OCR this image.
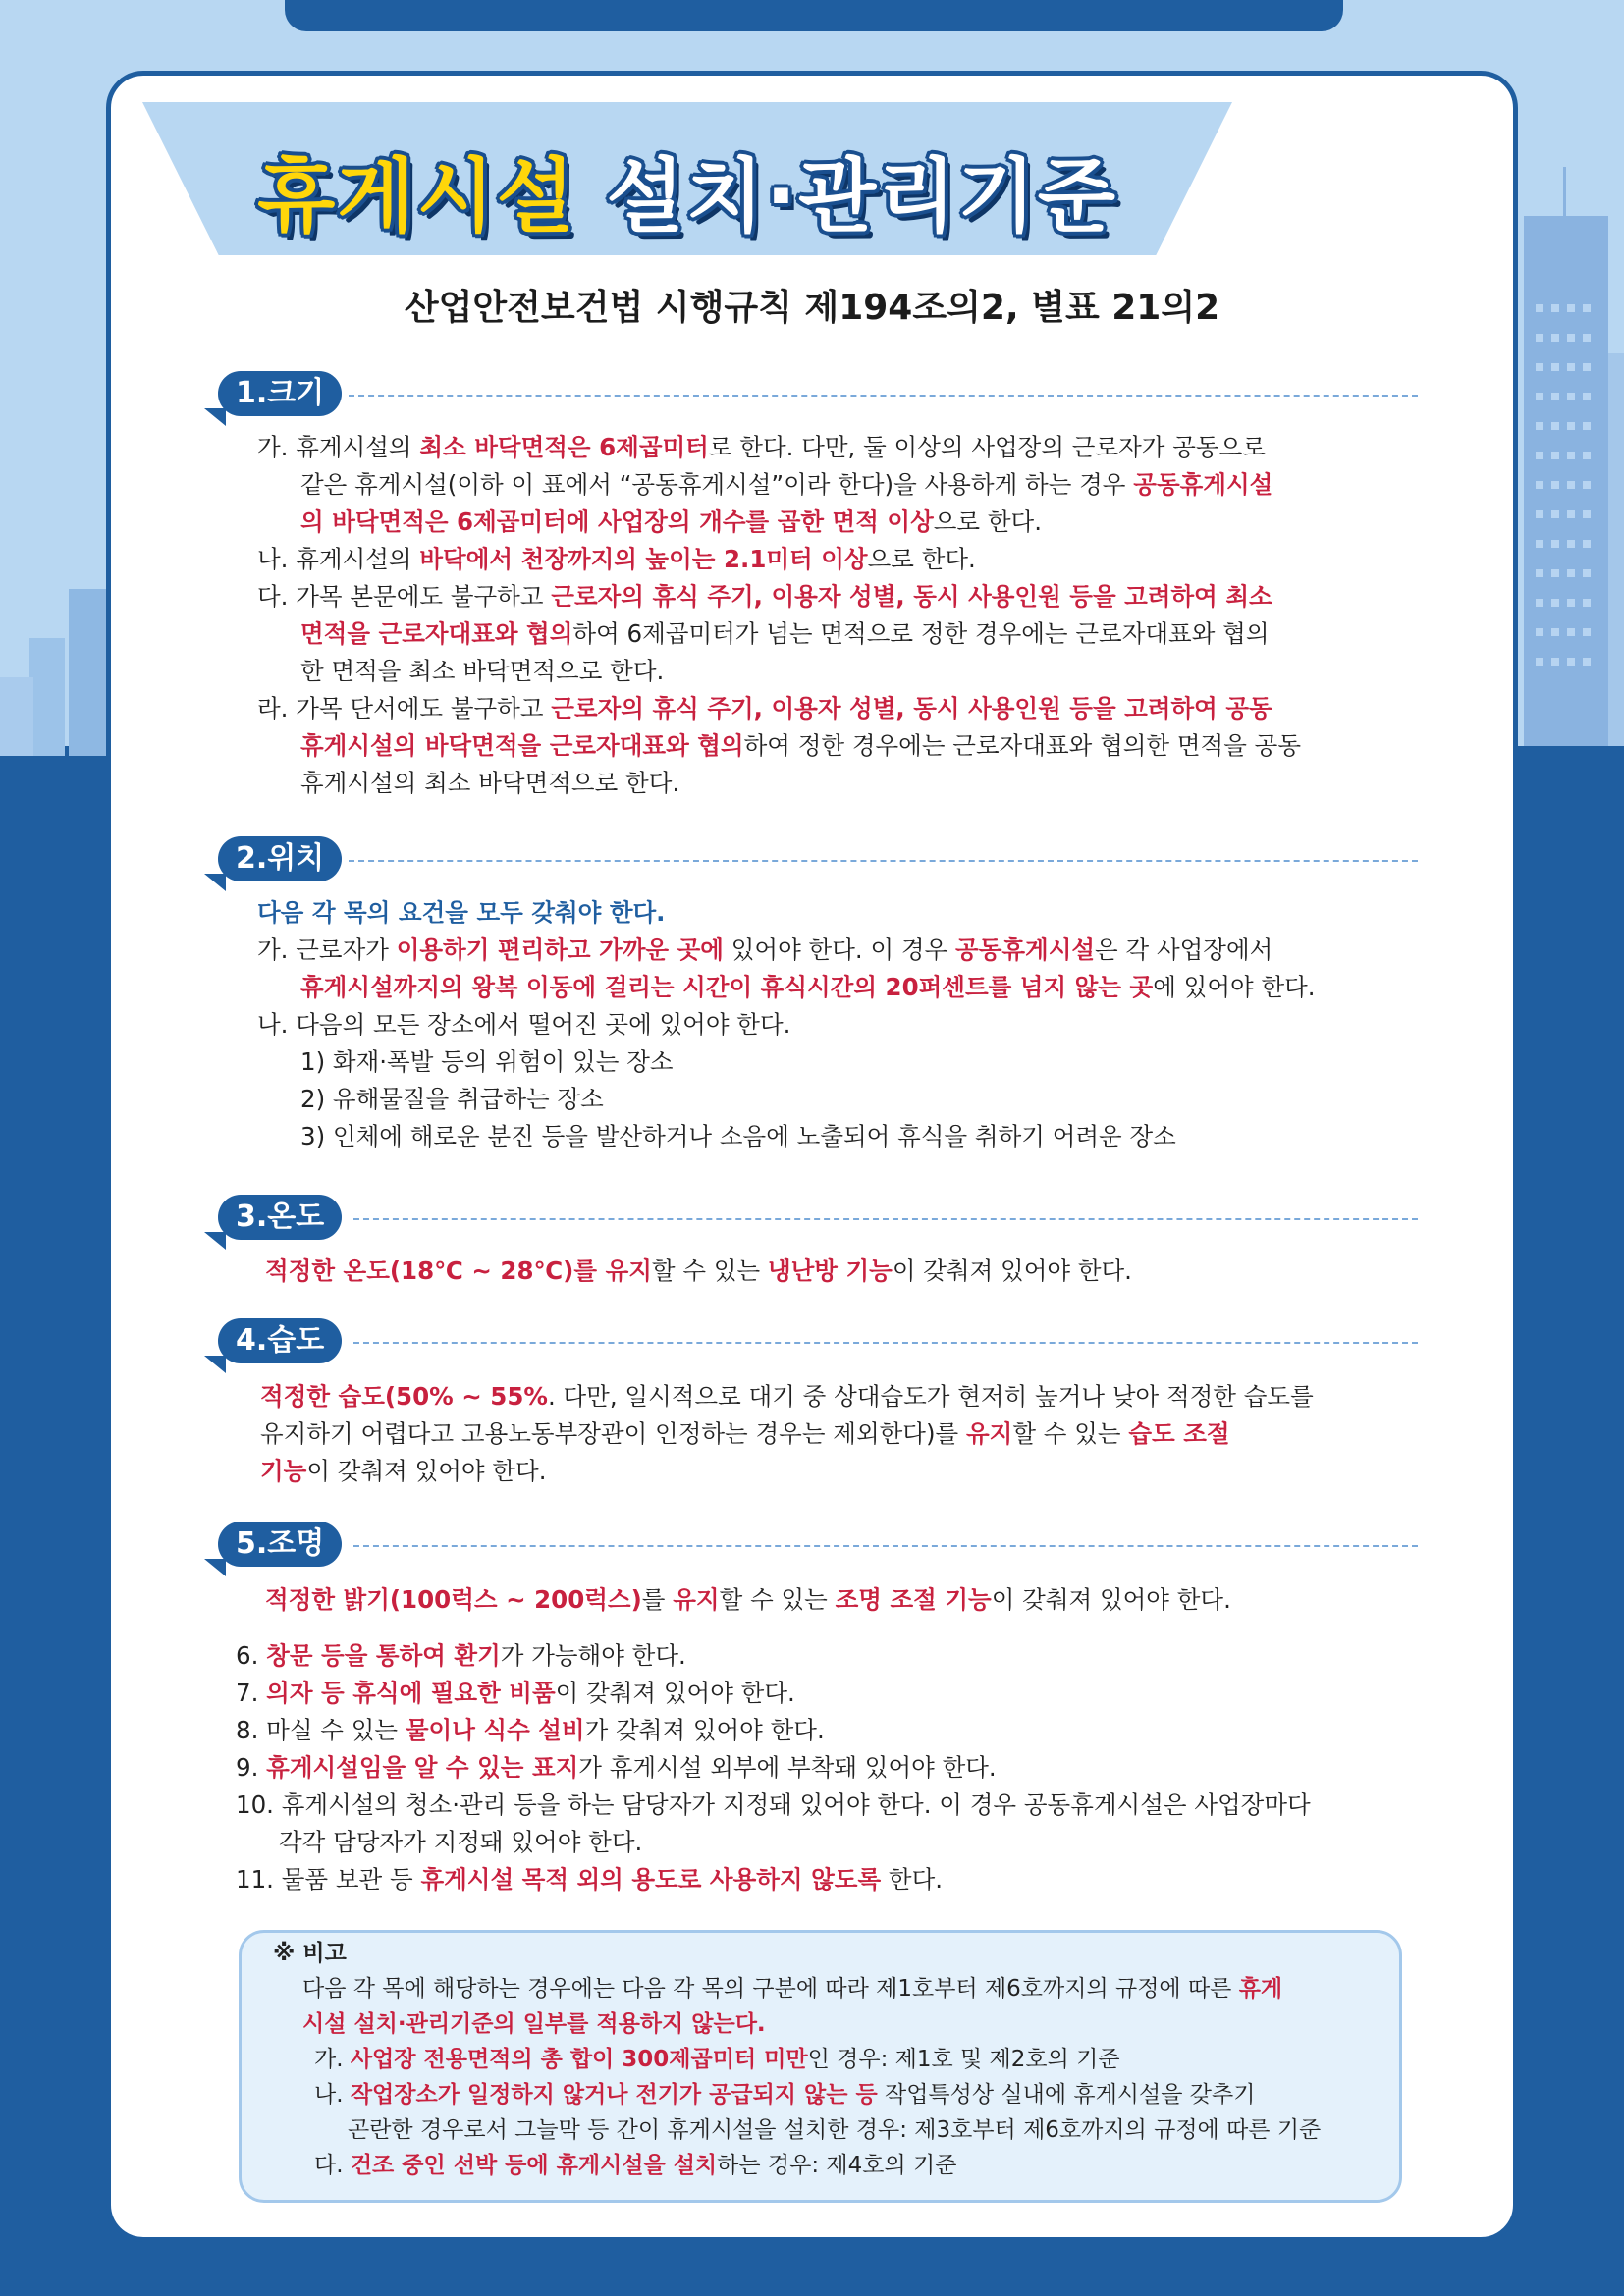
휴게시설 설치·관리기준
산업안전보건법 시행규칙 제194조의2, 별표 21의2
1.크기

가. 휴게시설의 최소 바닥면적은 6제곱미터로 한다. 다만, 둘 이상의 사업장의 근로자가 공동으로

같은 휴게시설(이하 이 표에서 “공동휴게시설”이라 한다)을 사용하게 하는 경우 공동휴게시설

의 바닥면적은 6제곱미터에 사업장의 개수를 곱한 면적 이상으로 한다.

나. 휴게시설의 바닥에서 천장까지의 높이는 2.1미터 이상으로 한다.

다. 가목 본문에도 불구하고 근로자의 휴식 주기, 이용자 성별, 동시 사용인원 등을 고려하여 최소

면적을 근로자대표와 협의하여 6제곱미터가 넘는 면적으로 정한 경우에는 근로자대표와 협의

한 면적을 최소 바닥면적으로 한다.

라. 가목 단서에도 불구하고 근로자의 휴식 주기, 이용자 성별, 동시 사용인원 등을 고려하여 공동

휴게시설의 바닥면적을 근로자대표와 협의하여 정한 경우에는 근로자대표와 협의한 면적을 공동

휴게시설의 최소 바닥면적으로 한다.

2.위치

다음 각 목의 요건을 모두 갖춰야 한다.

가. 근로자가 이용하기 편리하고 가까운 곳에 있어야 한다. 이 경우 공동휴게시설은 각 사업장에서

휴게시설까지의 왕복 이동에 걸리는 시간이 휴식시간의 20퍼센트를 넘지 않는 곳에 있어야 한다.

나. 다음의 모든 장소에서 떨어진 곳에 있어야 한다.

1) 화재·폭발 등의 위험이 있는 장소

2) 유해물질을 취급하는 장소

3) 인체에 해로운 분진 등을 발산하거나 소음에 노출되어 휴식을 취하기 어려운 장소

3.온도

적정한 온도(18℃ ~ 28℃)를 유지할 수 있는 냉난방 기능이 갖춰져 있어야 한다.

4.습도

적정한 습도(50% ~ 55%. 다만, 일시적으로 대기 중 상대습도가 현저히 높거나 낮아 적정한 습도를

유지하기 어렵다고 고용노동부장관이 인정하는 경우는 제외한다)를 유지할 수 있는 습도 조절

기능이 갖춰져 있어야 한다.

5.조명

적정한 밝기(100럭스 ~ 200럭스)를 유지할 수 있는 조명 조절 기능이 갖춰져 있어야 한다.

6. 창문 등을 통하여 환기가 가능해야 한다.

7. 의자 등 휴식에 필요한 비품이 갖춰져 있어야 한다.

8. 마실 수 있는 물이나 식수 설비가 갖춰져 있어야 한다.

9. 휴게시설임을 알 수 있는 표지가 휴게시설 외부에 부착돼 있어야 한다.

10. 휴게시설의 청소·관리 등을 하는 담당자가 지정돼 있어야 한다. 이 경우 공동휴게시설은 사업장마다

각각 담당자가 지정돼 있어야 한다.

11. 물품 보관 등 휴게시설 목적 외의 용도로 사용하지 않도록 한다.

※ 비고

다음 각 목에 해당하는 경우에는 다음 각 목의 구분에 따라 제1호부터 제6호까지의 규정에 따른 휴게

시설 설치·관리기준의 일부를 적용하지 않는다.

가. 사업장 전용면적의 총 합이 300제곱미터 미만인 경우: 제1호 및 제2호의 기준

나. 작업장소가 일정하지 않거나 전기가 공급되지 않는 등 작업특성상 실내에 휴게시설을 갖추기

곤란한 경우로서 그늘막 등 간이 휴게시설을 설치한 경우: 제3호부터 제6호까지의 규정에 따른 기준

다. 건조 중인 선박 등에 휴게시설을 설치하는 경우: 제4호의 기준
